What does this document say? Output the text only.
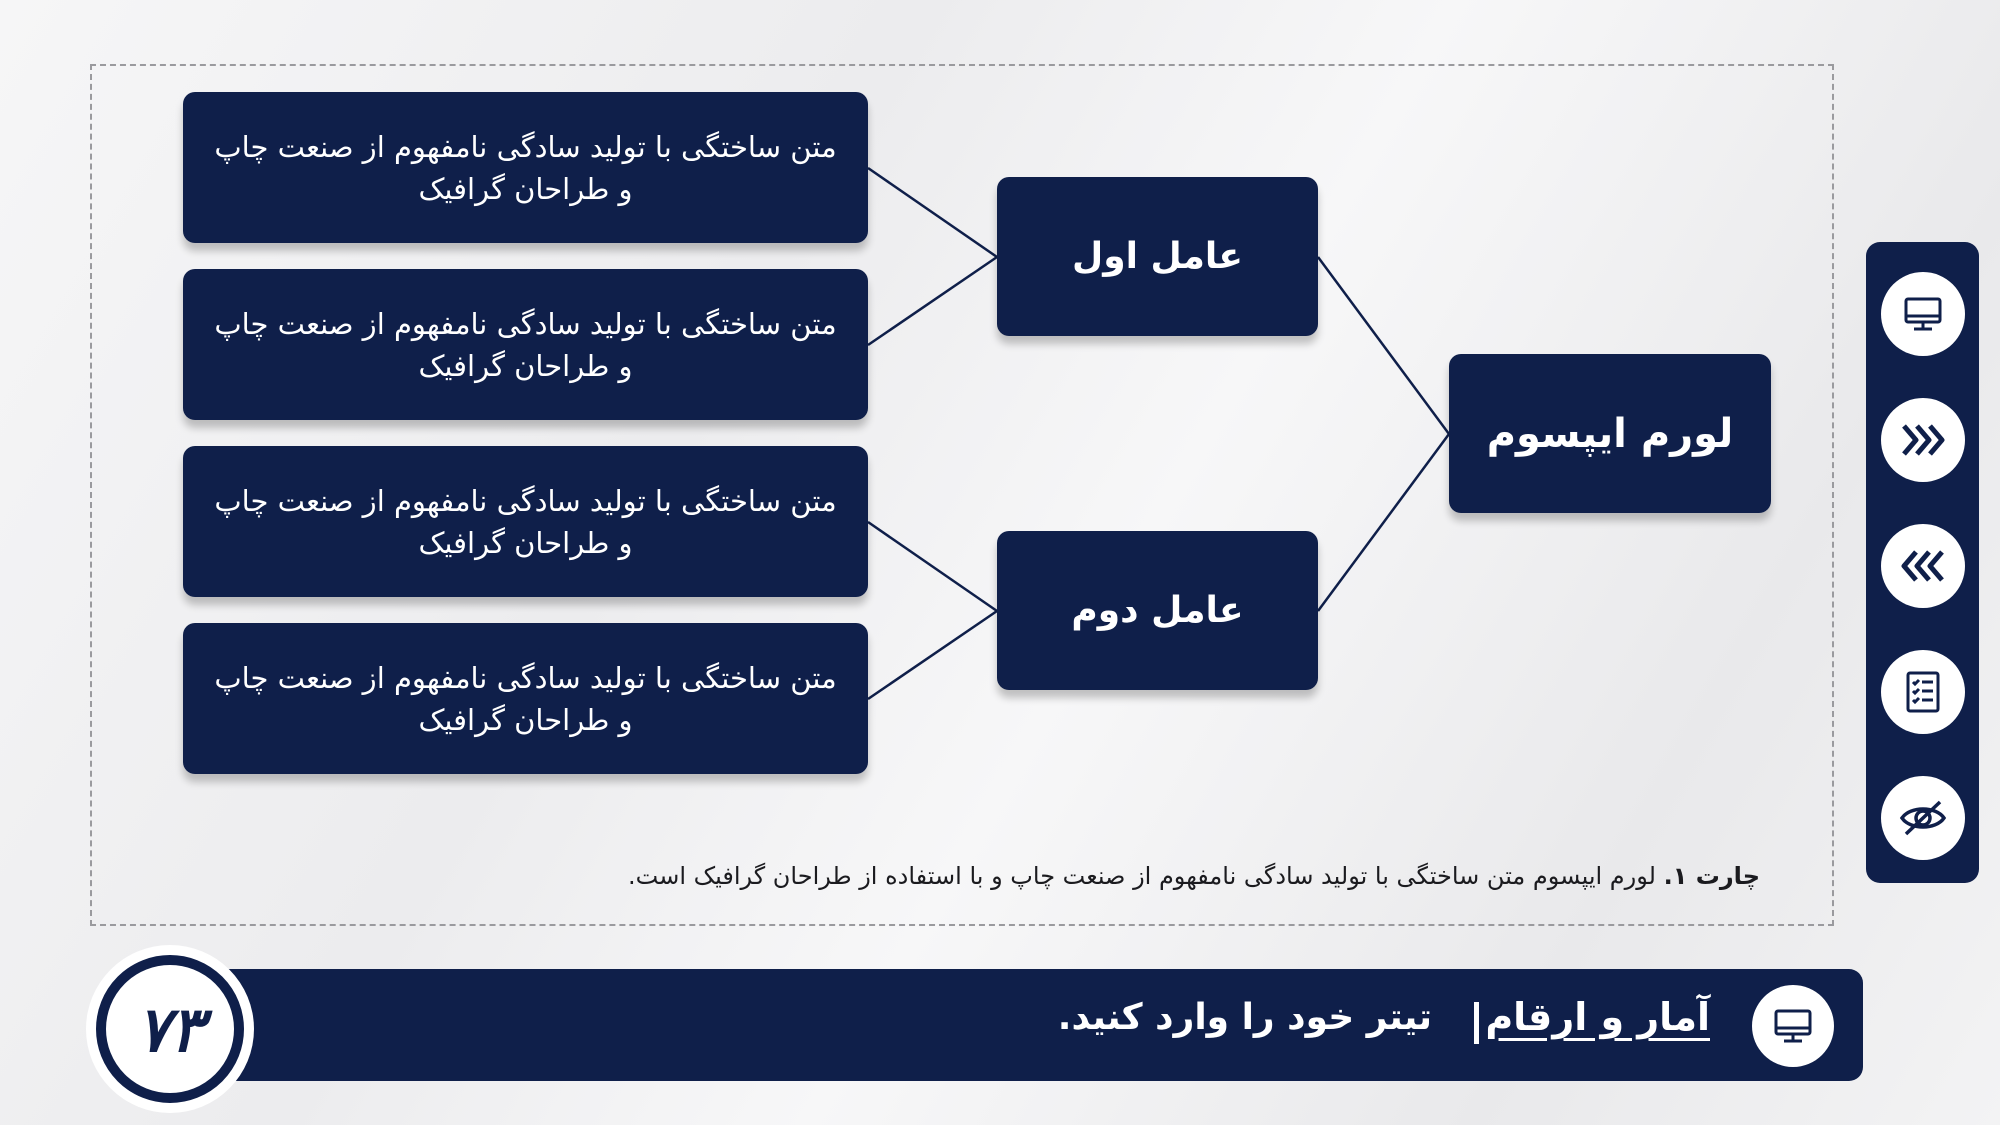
متن ساختگی با تولید سادگی نامفهوم از صنعت چاپ و طراحان گرافیک
متن ساختگی با تولید سادگی نامفهوم از صنعت چاپ و طراحان گرافیک
متن ساختگی با تولید سادگی نامفهوم از صنعت چاپ و طراحان گرافیک
متن ساختگی با تولید سادگی نامفهوم از صنعت چاپ و طراحان گرافیک
عامل اول
عامل دوم
لورم ایپسوم
چارت ۱. لورم ایپسوم متن ساختگی با تولید سادگی نامفهوم از صنعت چاپ و با استفاده از طراحان گرافیک است.
آمار و ارقام
تیتر خود را وارد کنید.
۷۳
